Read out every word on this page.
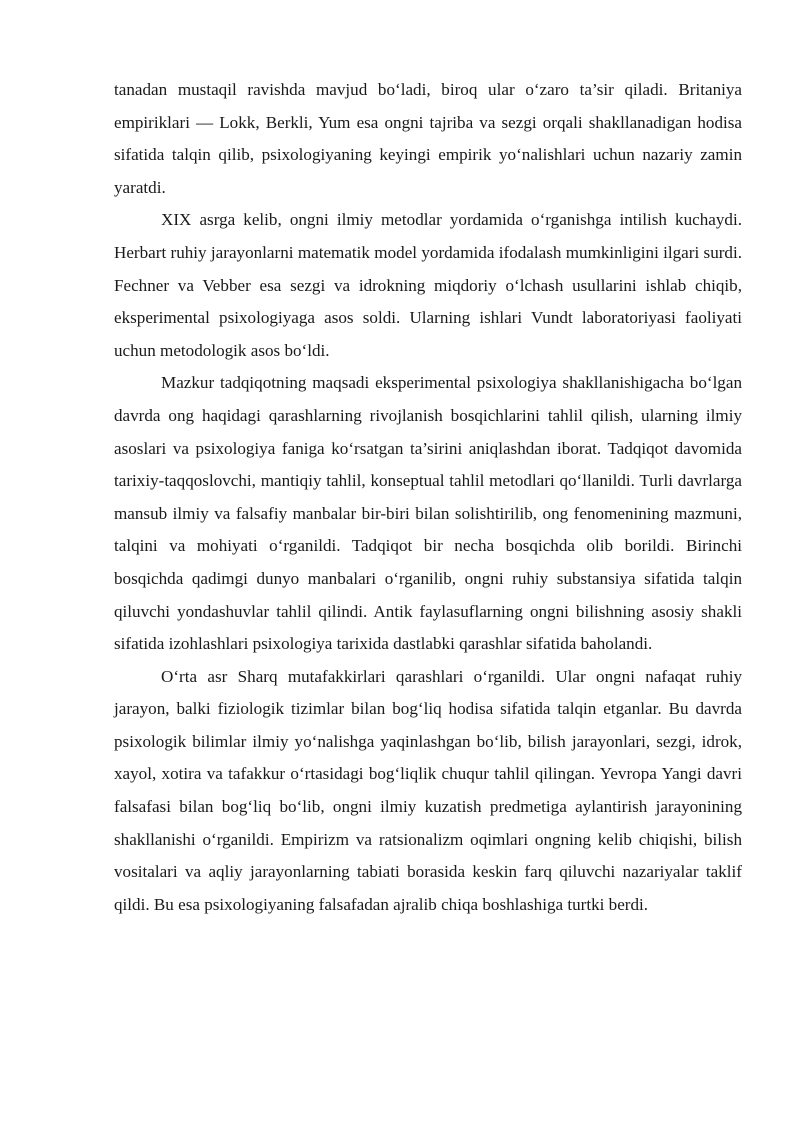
tanadan mustaqil ravishda mavjud bo‘ladi, biroq ular o‘zaro ta’sir qiladi. Britaniya empiriklari — Lokk, Berkli, Yum esa ongni tajriba va sezgi orqali shakllanadigan hodisa sifatida talqin qilib, psixologiyaning keyingi empirik yo‘nalishlari uchun nazariy zamin yaratdi.

XIX asrga kelib, ongni ilmiy metodlar yordamida o‘rganishga intilish kuchaydi. Herbart ruhiy jarayonlarni matematik model yordamida ifodalash mumkinligini ilgari surdi. Fechner va Vebber esa sezgi va idrokning miqdoriy o‘lchash usullarini ishlab chiqib, eksperimental psixologiyaga asos soldi. Ularning ishlari Vundt laboratoriyasi faoliyati uchun metodologik asos bo‘ldi.

Mazkur tadqiqotning maqsadi eksperimental psixologiya shakllanishigacha bo‘lgan davrda ong haqidagi qarashlarning rivojlanish bosqichlarini tahlil qilish, ularning ilmiy asoslari va psixologiya faniga ko‘rsatgan ta’sirini aniqlashdan iborat. Tadqiqot davomida tarixiy-taqqoslovchi, mantiqiy tahlil, konseptual tahlil metodlari qo‘llanildi. Turli davrlarga mansub ilmiy va falsafiy manbalar bir-biri bilan solishtirilib, ong fenomenining mazmuni, talqini va mohiyati o‘rganildi. Tadqiqot bir necha bosqichda olib borildi. Birinchi bosqichda qadimgi dunyo manbalari o‘rganilib, ongni ruhiy substansiya sifatida talqin qiluvchi yondashuvlar tahlil qilindi. Antik faylasuflarning ongni bilishning asosiy shakli sifatida izohlashlari psixologiya tarixida dastlabki qarashlar sifatida baholandi.

O‘rta asr Sharq mutafakkirlari qarashlari o‘rganildi. Ular ongni nafaqat ruhiy jarayon, balki fiziologik tizimlar bilan bog‘liq hodisa sifatida talqin etganlar. Bu davrda psixologik bilimlar ilmiy yo‘nalishga yaqinlashgan bo‘lib, bilish jarayonlari, sezgi, idrok, xayol, xotira va tafakkur o‘rtasidagi bog‘liqlik chuqur tahlil qilingan. Yevropa Yangi davri falsafasi bilan bog‘liq bo‘lib, ongni ilmiy kuzatish predmetiga aylantirish jarayonining shakllanishi o‘rganildi. Empirizm va ratsionalizm oqimlari ongning kelib chiqishi, bilish vositalari va aqliy jarayonlarning tabiati borasida keskin farq qiluvchi nazariyalar taklif qildi. Bu esa psixologiyaning falsafadan ajralib chiqa boshlashiga turtki berdi.
